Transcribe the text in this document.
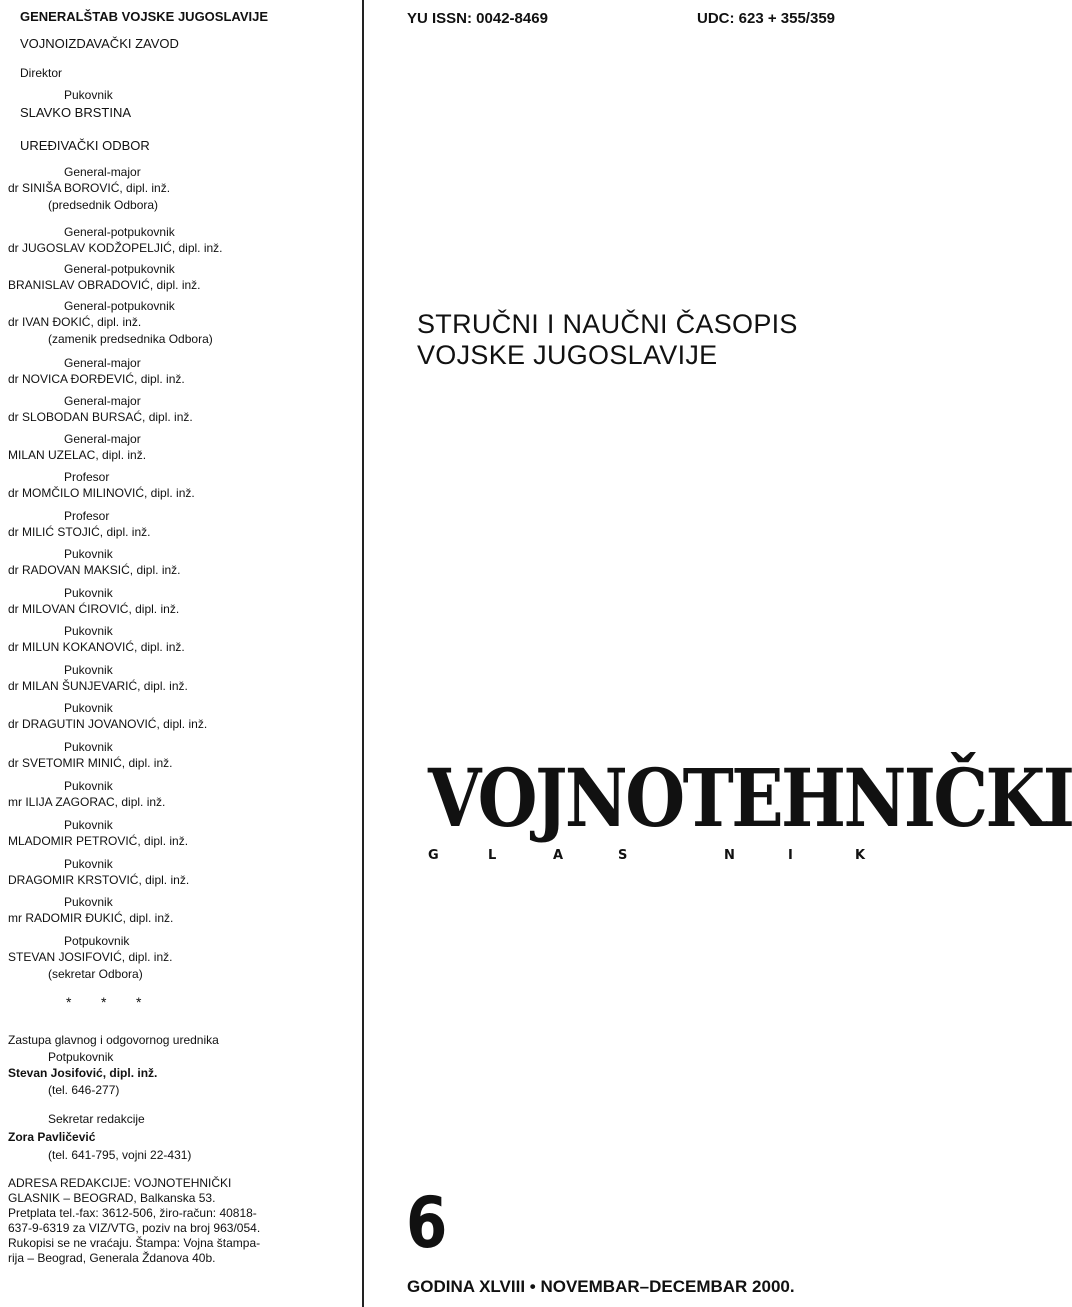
GENERALŠTAB VOJSKE JUGOSLAVIJE
VOJNOIZDAVAČKI ZAVOD
Direktor
Pukovnik
SLAVKO BRSTINA
UREĐIVAČKI ODBOR
General-major
dr SINIŠA BOROVIĆ, dipl. inž.
(predsednik Odbora)
General-potpukovnik
dr JUGOSLAV KODŽOPELJIĆ, dipl. inž.
General-potpukovnik
BRANISLAV OBRADOVIĆ, dipl. inž.
General-potpukovnik
dr IVAN ĐOKIĆ, dipl. inž.
(zamenik predsednika Odbora)
General-major
dr NOVICA ĐORĐEVIĆ, dipl. inž.
General-major
dr SLOBODAN BURSAĆ, dipl. inž.
General-major
MILAN UZELAC, dipl. inž.
Profesor
dr MOMČILO MILINOVIĆ, dipl. inž.
Profesor
dr MILIĆ STOJIĆ, dipl. inž.
Pukovnik
dr RADOVAN MAKSIĆ, dipl. inž.
Pukovnik
dr MILOVAN ĆIROVIĆ, dipl. inž.
Pukovnik
dr MILUN KOKANOVIĆ, dipl. inž.
Pukovnik
dr MILAN ŠUNJEVARIĆ, dipl. inž.
Pukovnik
dr DRAGUTIN JOVANOVIĆ, dipl. inž.
Pukovnik
dr SVETOMIR MINIĆ, dipl. inž.
Pukovnik
mr ILIJA ZAGORAC, dipl. inž.
Pukovnik
MLADOMIR PETROVIĆ, dipl. inž.
Pukovnik
DRAGOMIR KRSTOVIĆ, dipl. inž.
Pukovnik
mr RADOMIR ĐUKIĆ, dipl. inž.
Potpukovnik
STEVAN JOSIFOVIĆ, dipl. inž.
(sekretar Odbora)
* * *
Zastupa glavnog i odgovornog urednika
Potpukovnik
Stevan Josifović, dipl. inž.
(tel. 646-277)
Sekretar redakcije
Zora Pavličević
(tel. 641-795, vojni 22-431)
ADRESA REDAKCIJE: VOJNOTEHNIČKI
GLASNIK – BEOGRAD, Balkanska 53.
Pretplata tel.-fax: 3612-506, žiro-račun: 40818-
637-9-6319 za VIZ/VTG, poziv na broj 963/054.
Rukopisi se ne vraćaju. Štampa: Vojna štampa-
rija – Beograd, Generala Ždanova 40b.
YU ISSN: 0042-8469	UDC: 623 + 355/359
STRUČNI I NAUČNI ČASOPIS
VOJSKE JUGOSLAVIJE
VOJNOTEHNIČKI
G	L	A	S	N	I	K
6
GODINA XLVIII • NOVEMBAR–DECEMBAR 2000.
